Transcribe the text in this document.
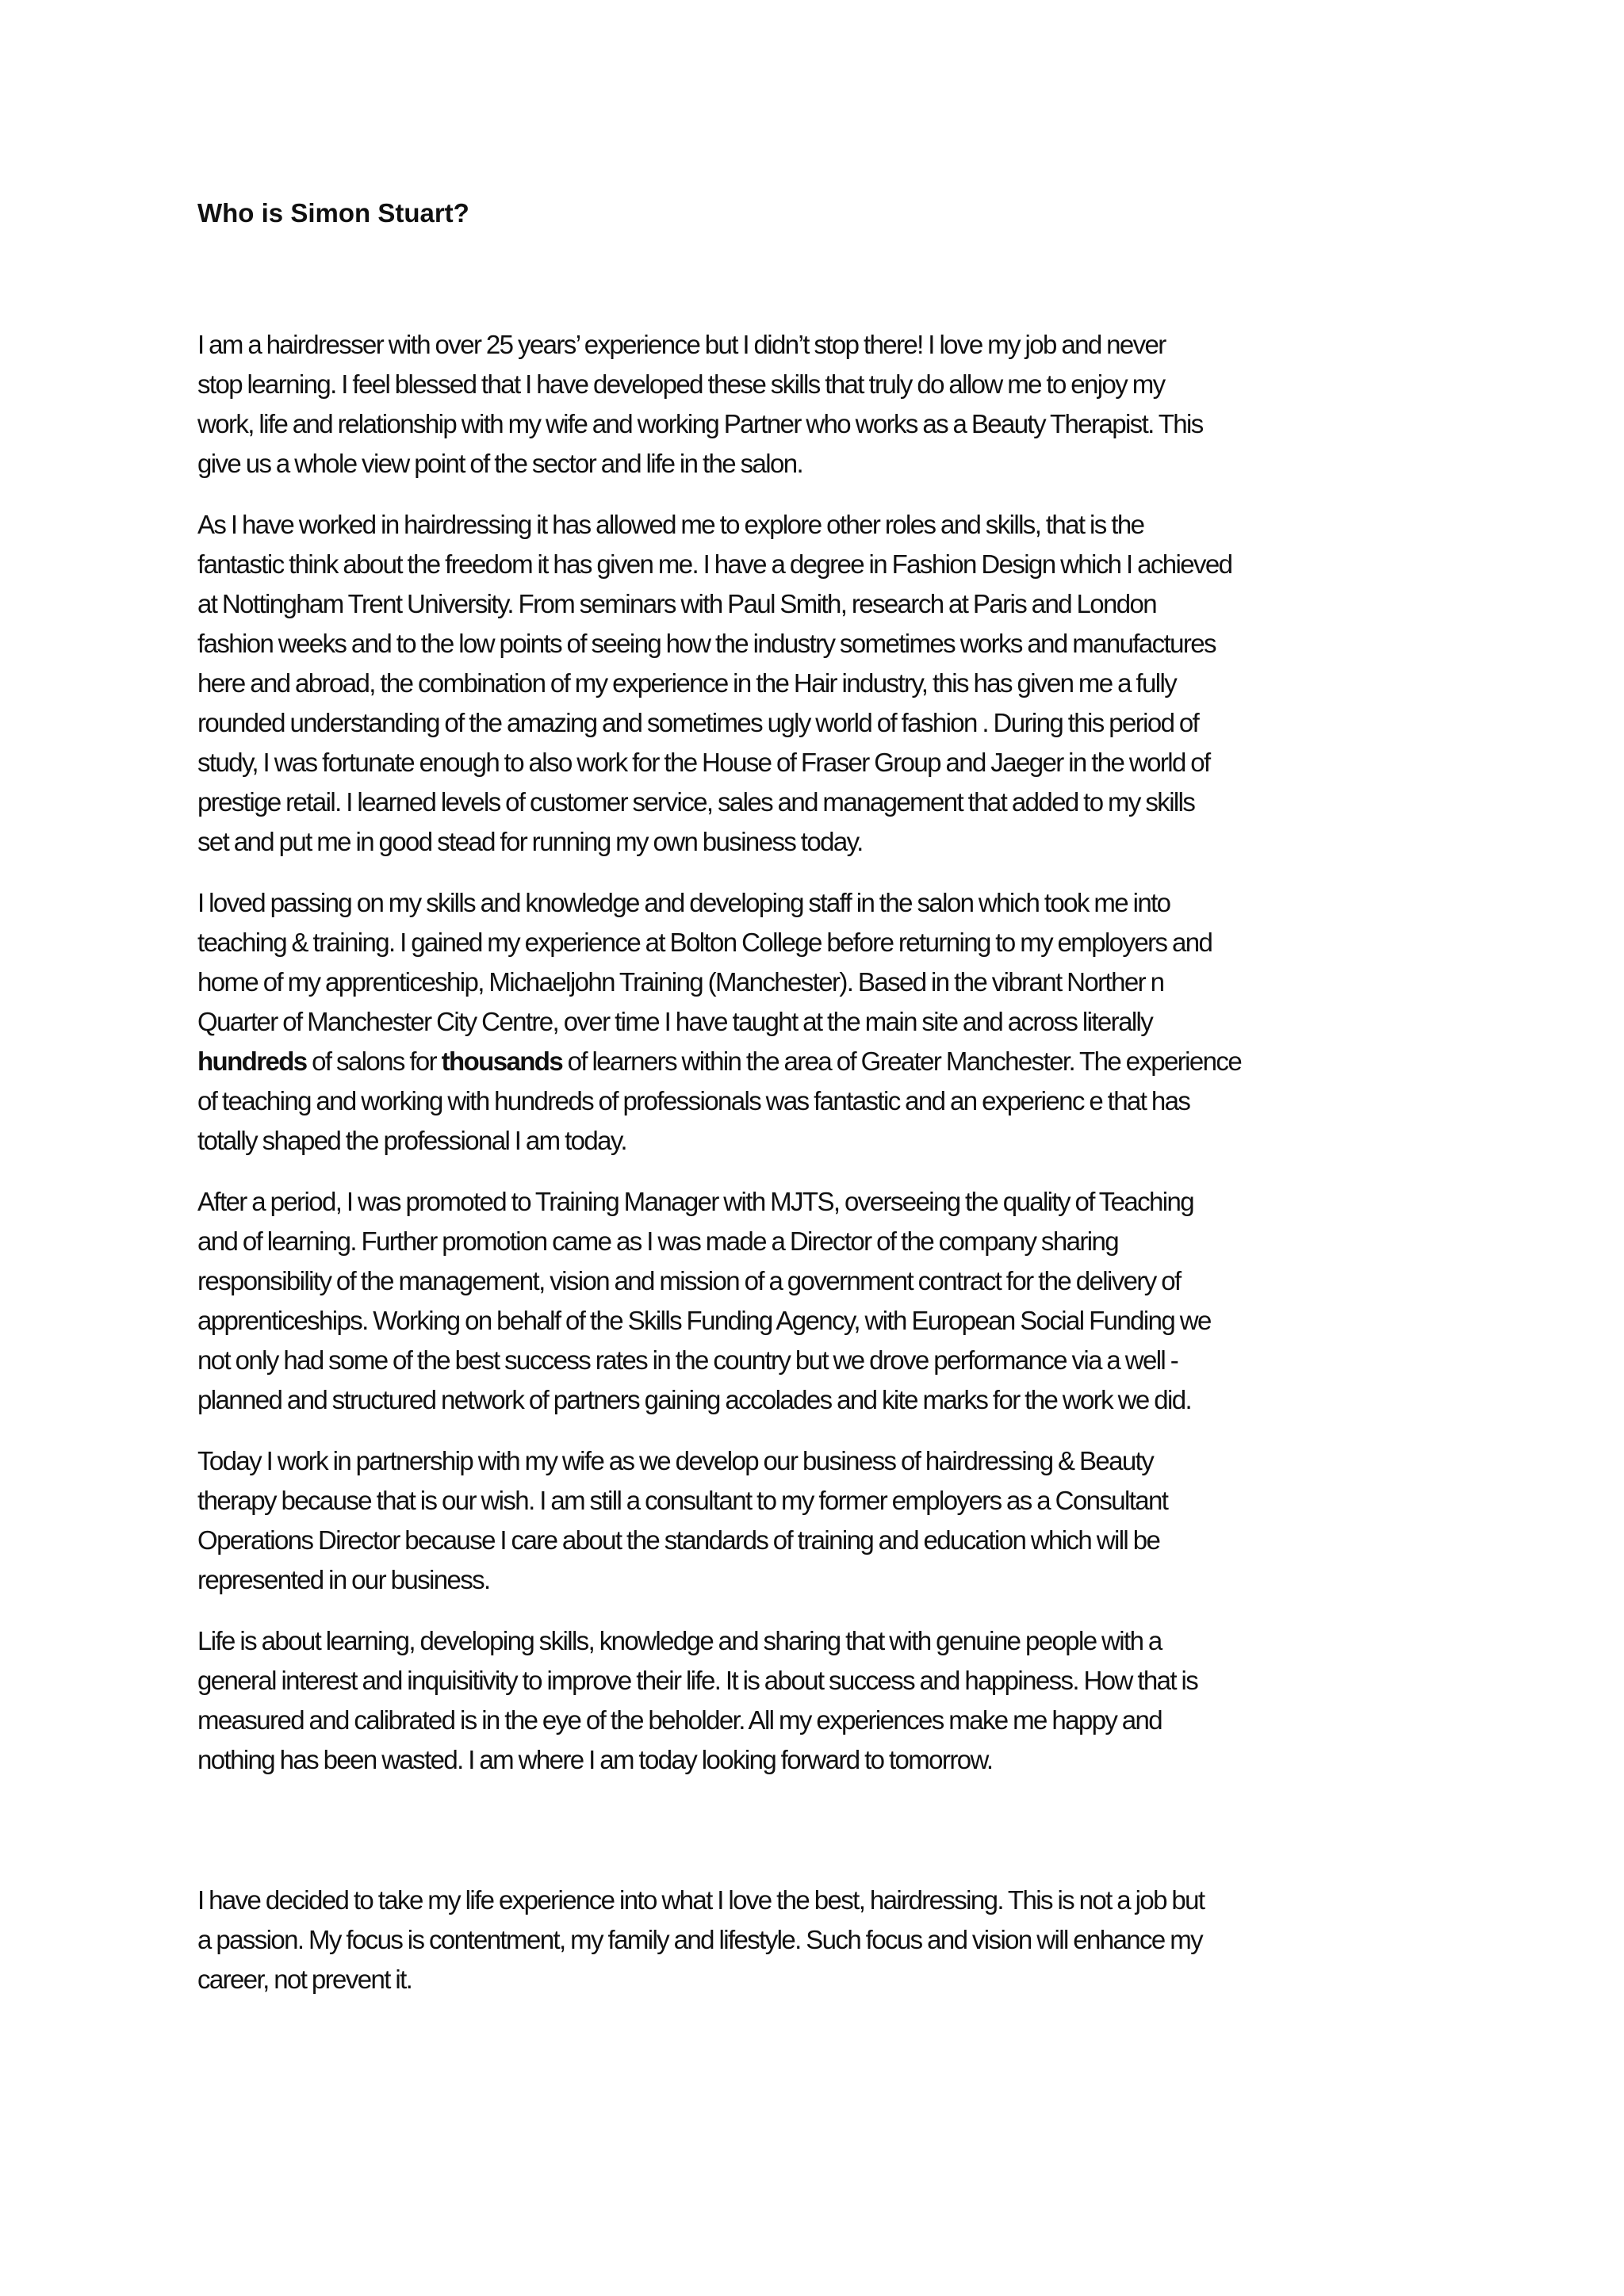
Who is Simon Stuart?

I am a hairdresser with over 25 years’ experience but I didn’t stop there! I love my job and never
stop learning. I feel blessed that I have developed these skills that truly do allow me to enjoy my
work, life and relationship with my wife and working Partner who works as a Beauty Therapist. This
give us a whole view point of the sector and life in the salon.

As I have worked in hairdressing it has allowed me to explore other roles and skills, that is the
fantastic think about the freedom it has given me. I have a degree in Fashion Design which I achieved
at Nottingham Trent University. From seminars with Paul Smith, research at Paris and London
fashion weeks and to the low points of seeing how the industry sometimes works and manufactures
here and abroad, the combination of my experience in the Hair industry, this has given me a fully
rounded understanding of the amazing and sometimes ugly world of fashion . During this period of
study, I was fortunate enough to also work for the House of Fraser Group and Jaeger in the world of
prestige retail. I learned levels of customer service, sales and management that added to my skills
set and put me in good stead for running my own business today.

I loved passing on my skills and knowledge and developing staff in the salon which took me into
teaching & training. I gained my experience at Bolton College before returning to my employers and
home of my apprenticeship, Michaeljohn Training (Manchester). Based in the vibrant Norther n
Quarter of Manchester City Centre, over time I have taught at the main site and across literally
hundreds of salons for thousands of learners within the area of Greater Manchester. The experience
of teaching and working with hundreds of professionals was fantastic and an experienc e that has
totally shaped the professional I am today.

After a period, I was promoted to Training Manager with MJTS, overseeing the quality of Teaching
and of learning. Further promotion came as I was made a Director of the company sharing
responsibility of the management, vision and mission of a government contract for the delivery of
apprenticeships. Working on behalf of the Skills Funding Agency, with European Social Funding we
not only had some of the best success rates in the country but we drove performance via a well -
planned and structured network of partners gaining accolades and kite marks for the work we did.

Today I work in partnership with my wife as we develop our business of hairdressing & Beauty
therapy because that is our wish. I am still a consultant to my former employers as a Consultant
Operations Director because I care about the standards of training and education which will be
represented in our business.

Life is about learning, developing skills, knowledge and sharing that with genuine people with a
general interest and inquisitivity to improve their life. It is about success and happiness. How that is
measured and calibrated is in the eye of the beholder. All my experiences make me happy and
nothing has been wasted. I am where I am today looking forward to tomorrow.

I have decided to take my life experience into what I love the best, hairdressing. This is not a job but
a passion. My focus is contentment, my family and lifestyle. Such focus and vision will enhance my
career, not prevent it.
